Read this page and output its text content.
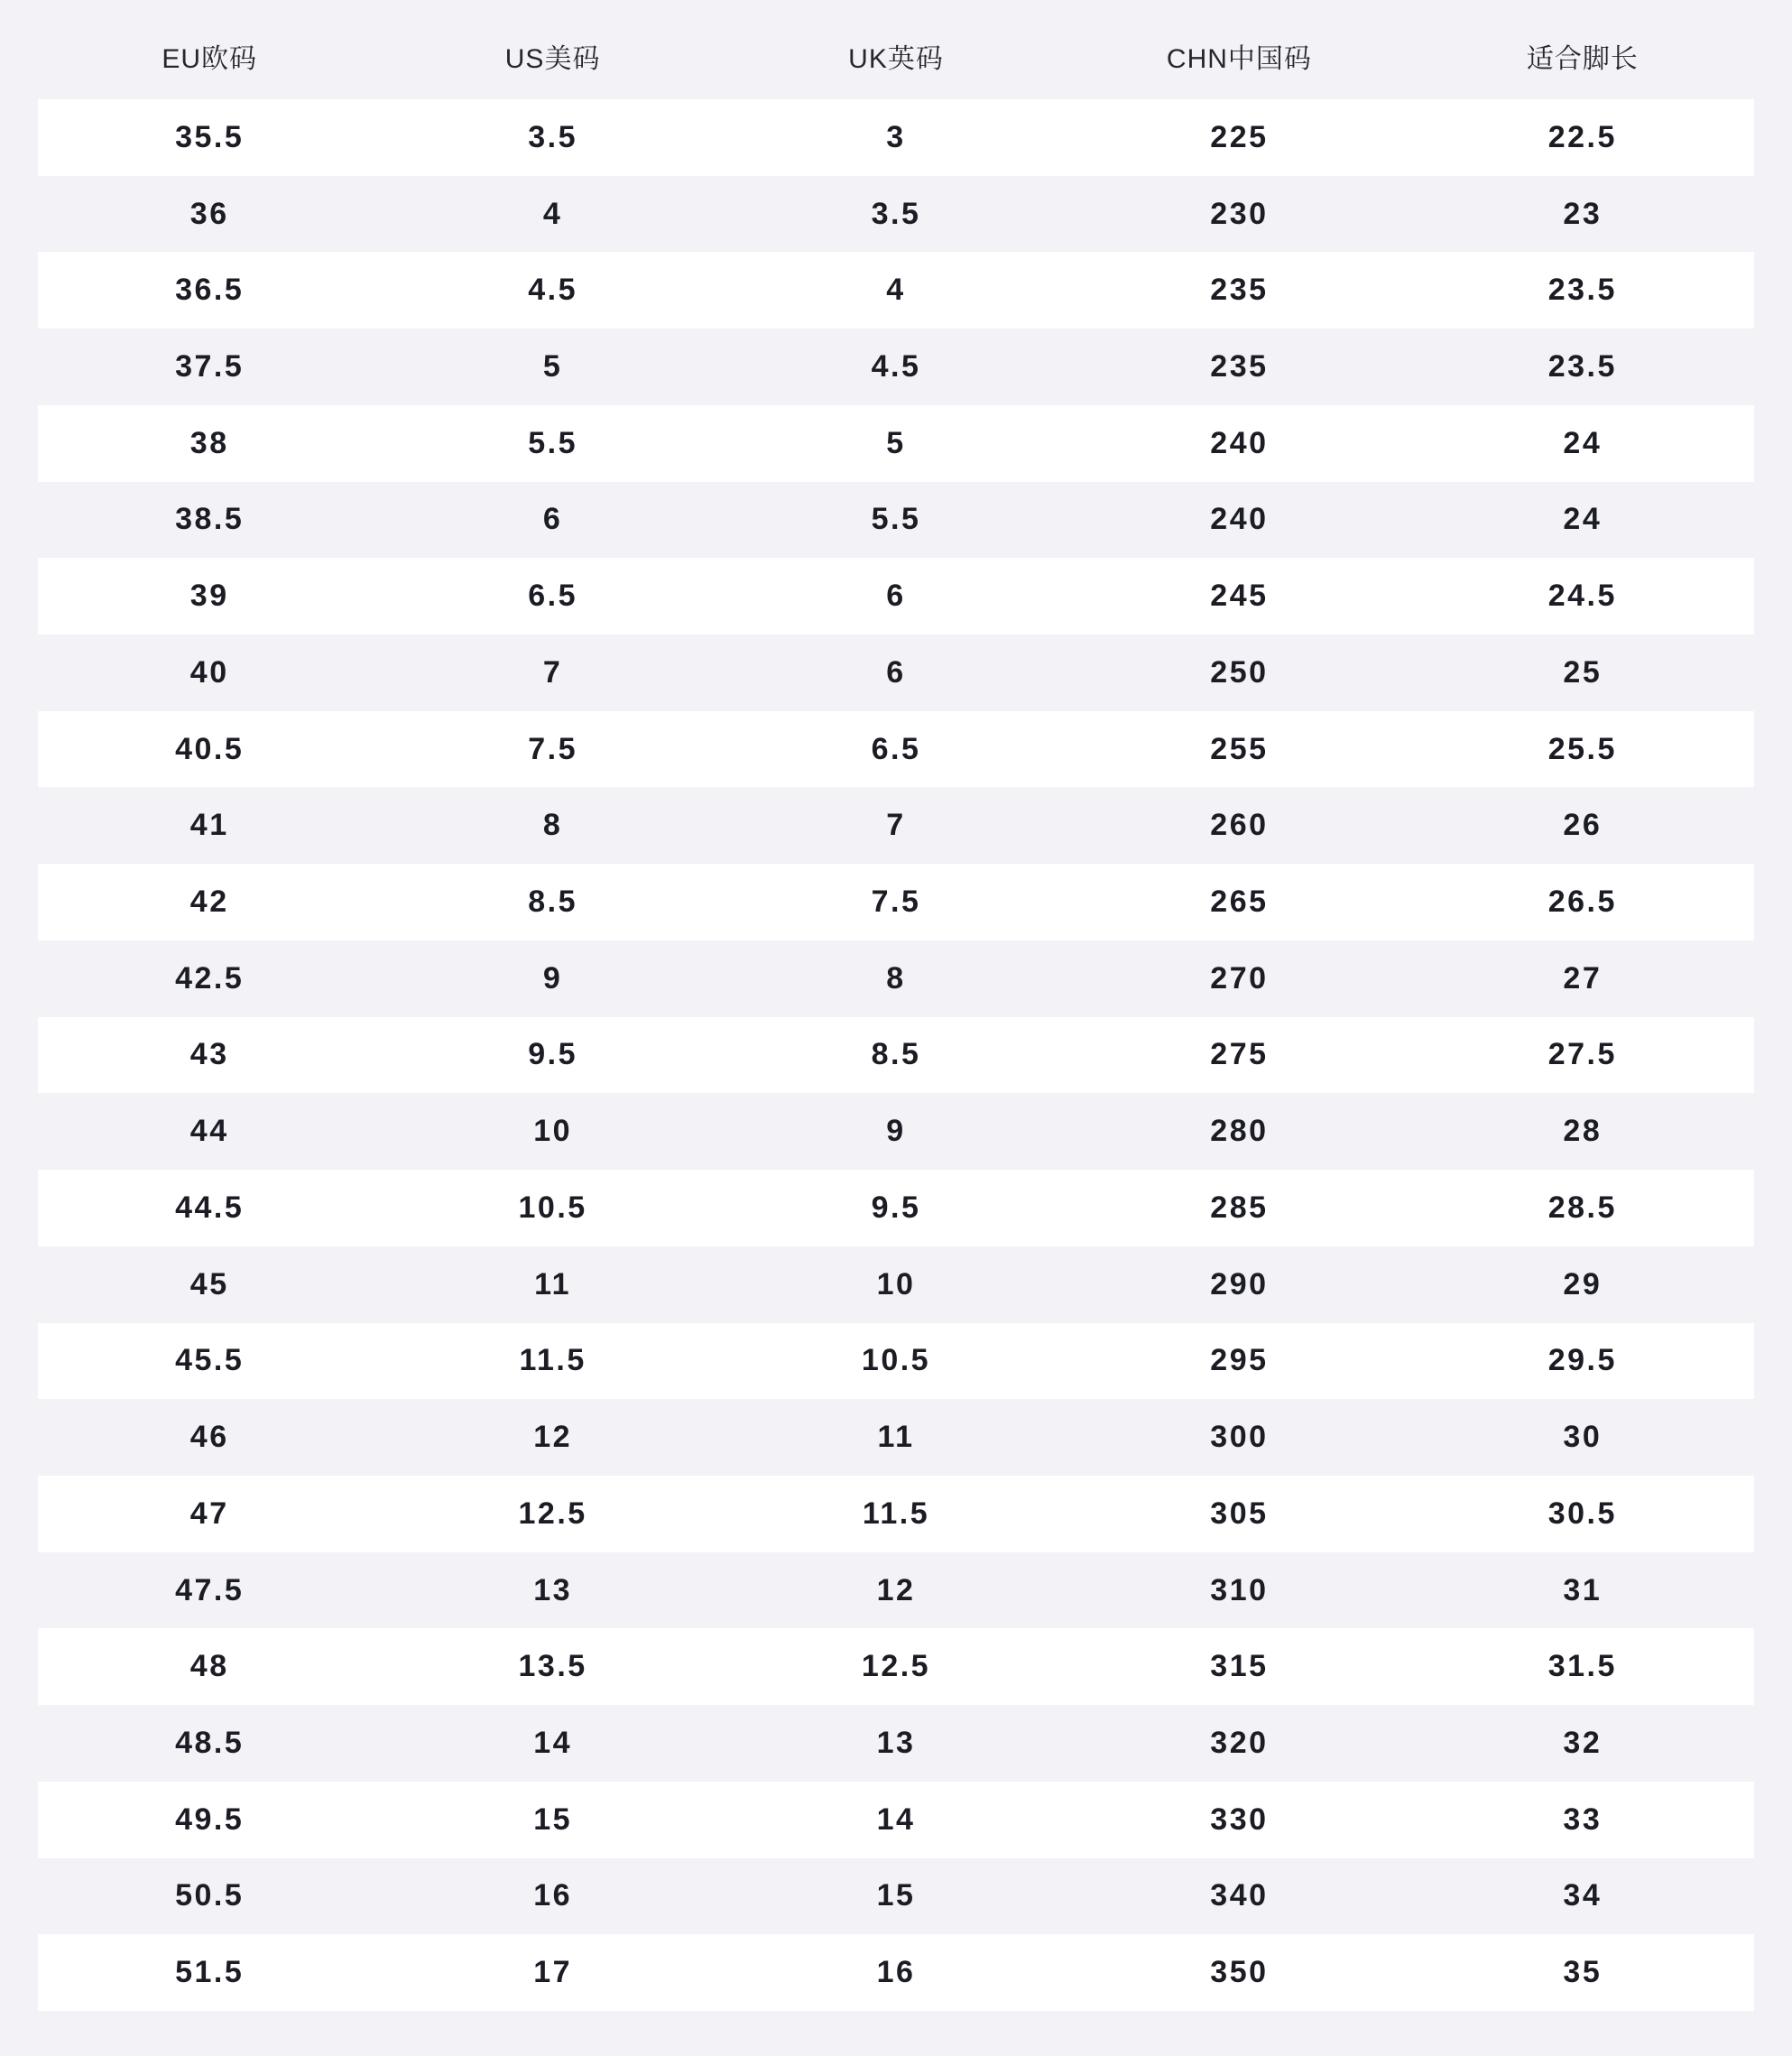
EU欧码	US美码	UK英码	CHN中国码	适合脚长
35.5	3.5	3	225	22.5
36	4	3.5	230	23
36.5	4.5	4	235	23.5
37.5	5	4.5	235	23.5
38	5.5	5	240	24
38.5	6	5.5	240	24
39	6.5	6	245	24.5
40	7	6	250	25
40.5	7.5	6.5	255	25.5
41	8	7	260	26
42	8.5	7.5	265	26.5
42.5	9	8	270	27
43	9.5	8.5	275	27.5
44	10	9	280	28
44.5	10.5	9.5	285	28.5
45	11	10	290	29
45.5	11.5	10.5	295	29.5
46	12	11	300	30
47	12.5	11.5	305	30.5
47.5	13	12	310	31
48	13.5	12.5	315	31.5
48.5	14	13	320	32
49.5	15	14	330	33
50.5	16	15	340	34
51.5	17	16	350	35
